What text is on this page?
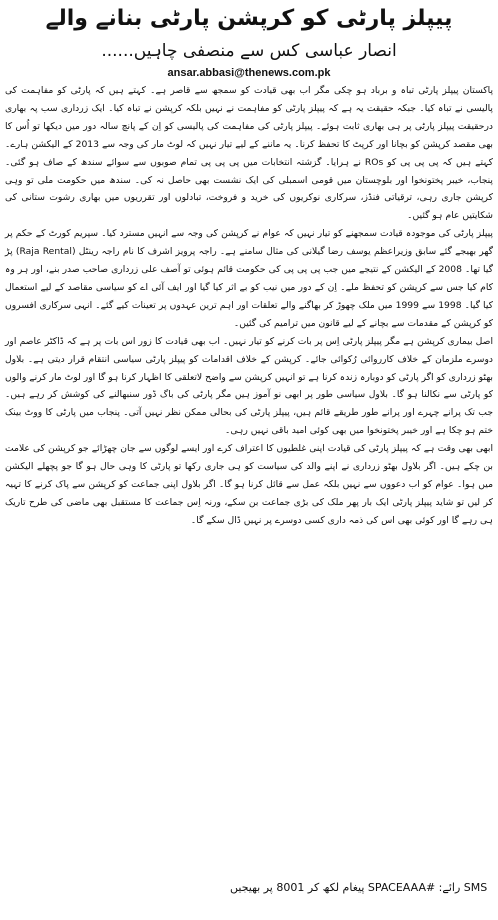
پیپلز پارٹی کو کرپشن پارٹی بنانے والے
انصار عباسی کس سے منصفی چاہیں......
ansar.abbasi@thenews.com.pk

پاکستان پیپلز پارٹی تباہ و برباد ہو چکی مگر اب بھی قیادت کو سمجھ سے قاصر ہے۔ کہتے ہیں کہ پارٹی کو مفاہمت کی پالیسی نے تباہ کیا۔ جبکہ حقیقت یہ ہے کہ پیپلز پارٹی کو مفاہمت نے نہیں بلکہ کرپشن نے تباہ کیا۔ ایک زرداری سب پہ بھاری درحقیقت پیپلز پارٹی پر ہی بھاری ثابت ہوئے۔ پیپلز پارٹی کی مفاہمت کی پالیسی کو اِن کے پانچ سالہ دور میں دیکھا تو اُس کا بھی مقصد کرپشن کو بچانا اور کرپٹ کا تحفظ کرنا۔ یہ ماننے کے لیے تیار نہیں کہ لوٹ مار کی وجہ سے 2013 کے الیکشن ہارے۔ کہتے ہیں کہ پی پی پی کو ROs نے ہرایا۔ گزشتہ انتخابات میں پی پی پی تمام صوبوں سے سوائے سندھ کے صاف ہو گئی۔ پنجاب، خیبر پختونخوا اور بلوچستان میں قومی اسمبلی کی ایک نشست بھی حاصل نہ کی۔ سندھ میں حکومت ملی تو وہی کرپشن جاری رہی، ترقیاتی فنڈز، سرکاری نوکریوں کی خرید و فروخت، تبادلوں اور تقرریوں میں بھاری رشوت ستانی کی شکایتیں عام ہو گئیں۔

پیپلز پارٹی کی موجودہ قیادت سمجھنے کو تیار نہیں کہ عوام نے کرپشن کی وجہ سے انہیں مسترد کیا۔ سپریم کورٹ کے حکم پر گھر بھیجے گئے سابق وزیراعظم یوسف رضا گیلانی کی مثال سامنے ہے۔ راجہ پرویز اشرف کا نام راجہ رینٹل (Raja Rental) پڑ گیا تھا۔ 2008 کے الیکشن کے نتیجے میں جب پی پی پی کی حکومت قائم ہوئی تو آصف علی زرداری صاحب صدر بنے، اور ہر وہ کام کیا جس سے کرپشن کو تحفظ ملے۔ اِن کے دور میں نیب کو بے اثر کیا گیا اور ایف آئی اے کو سیاسی مقاصد کے لیے استعمال کیا گیا۔ 1998 سے 1999 میں ملک چھوڑ کر بھاگنے والے تعلقات اور اہم ترین عہدوں پر تعینات کیے گئے۔ انہی سرکاری افسروں کو کرپشن کے مقدمات سے بچانے کے لیے قانون میں ترامیم کی گئیں۔

اصل بیماری کرپشن ہے مگر پیپلز پارٹی اِس پر بات کرنے کو تیار نہیں۔ اب بھی قیادت کا زور اس بات پر ہے کہ ڈاکٹر عاصم اور دوسرے ملزمان کے خلاف کارروائی رُکوائی جائے۔ کرپشن کے خلاف اقدامات کو پیپلز پارٹی سیاسی انتقام قرار دیتی ہے۔ بلاول بھٹو زرداری کو اگر پارٹی کو دوبارہ زندہ کرنا ہے تو انہیں کرپشن سے واضح لاتعلقی کا اظہار کرنا ہو گا اور لوٹ مار کرنے والوں کو پارٹی سے نکالنا ہو گا۔ بلاول سیاسی طور پر ابھی نو آموز ہیں مگر پارٹی کی باگ ڈور سنبھالنے کی کوشش کر رہے ہیں۔ جب تک پرانے چہرے اور پرانے طور طریقے قائم ہیں، پیپلز پارٹی کی بحالی ممکن نظر نہیں آتی۔ پنجاب میں پارٹی کا ووٹ بینک ختم ہو چکا ہے اور خیبر پختونخوا میں بھی کوئی امید باقی نہیں رہی۔

ابھی بھی وقت ہے کہ پیپلز پارٹی کی قیادت اپنی غلطیوں کا اعتراف کرے اور ایسے لوگوں سے جان چھڑائے جو کرپشن کی علامت بن چکے ہیں۔ اگر بلاول بھٹو زرداری نے اپنے والد کی سیاست کو ہی جاری رکھا تو پارٹی کا وہی حال ہو گا جو پچھلے الیکشن میں ہوا۔ عوام کو اب دعووں سے نہیں بلکہ عمل سے قائل کرنا ہو گا۔ اگر بلاول اپنی جماعت کو کرپشن سے پاک کرنے کا تہیہ کر لیں تو شاید پیپلز پارٹی ایک بار پھر ملک کی بڑی جماعت بن سکے، ورنہ اِس جماعت کا مستقبل بھی ماضی کی طرح تاریک ہی رہے گا اور کوئی بھی اس کی ذمہ داری کسی دوسرے پر نہیں ڈال سکے گا۔

SMS رائے: #SPACEAAA پیغام لکھ کر 8001 پر بھیجیں
